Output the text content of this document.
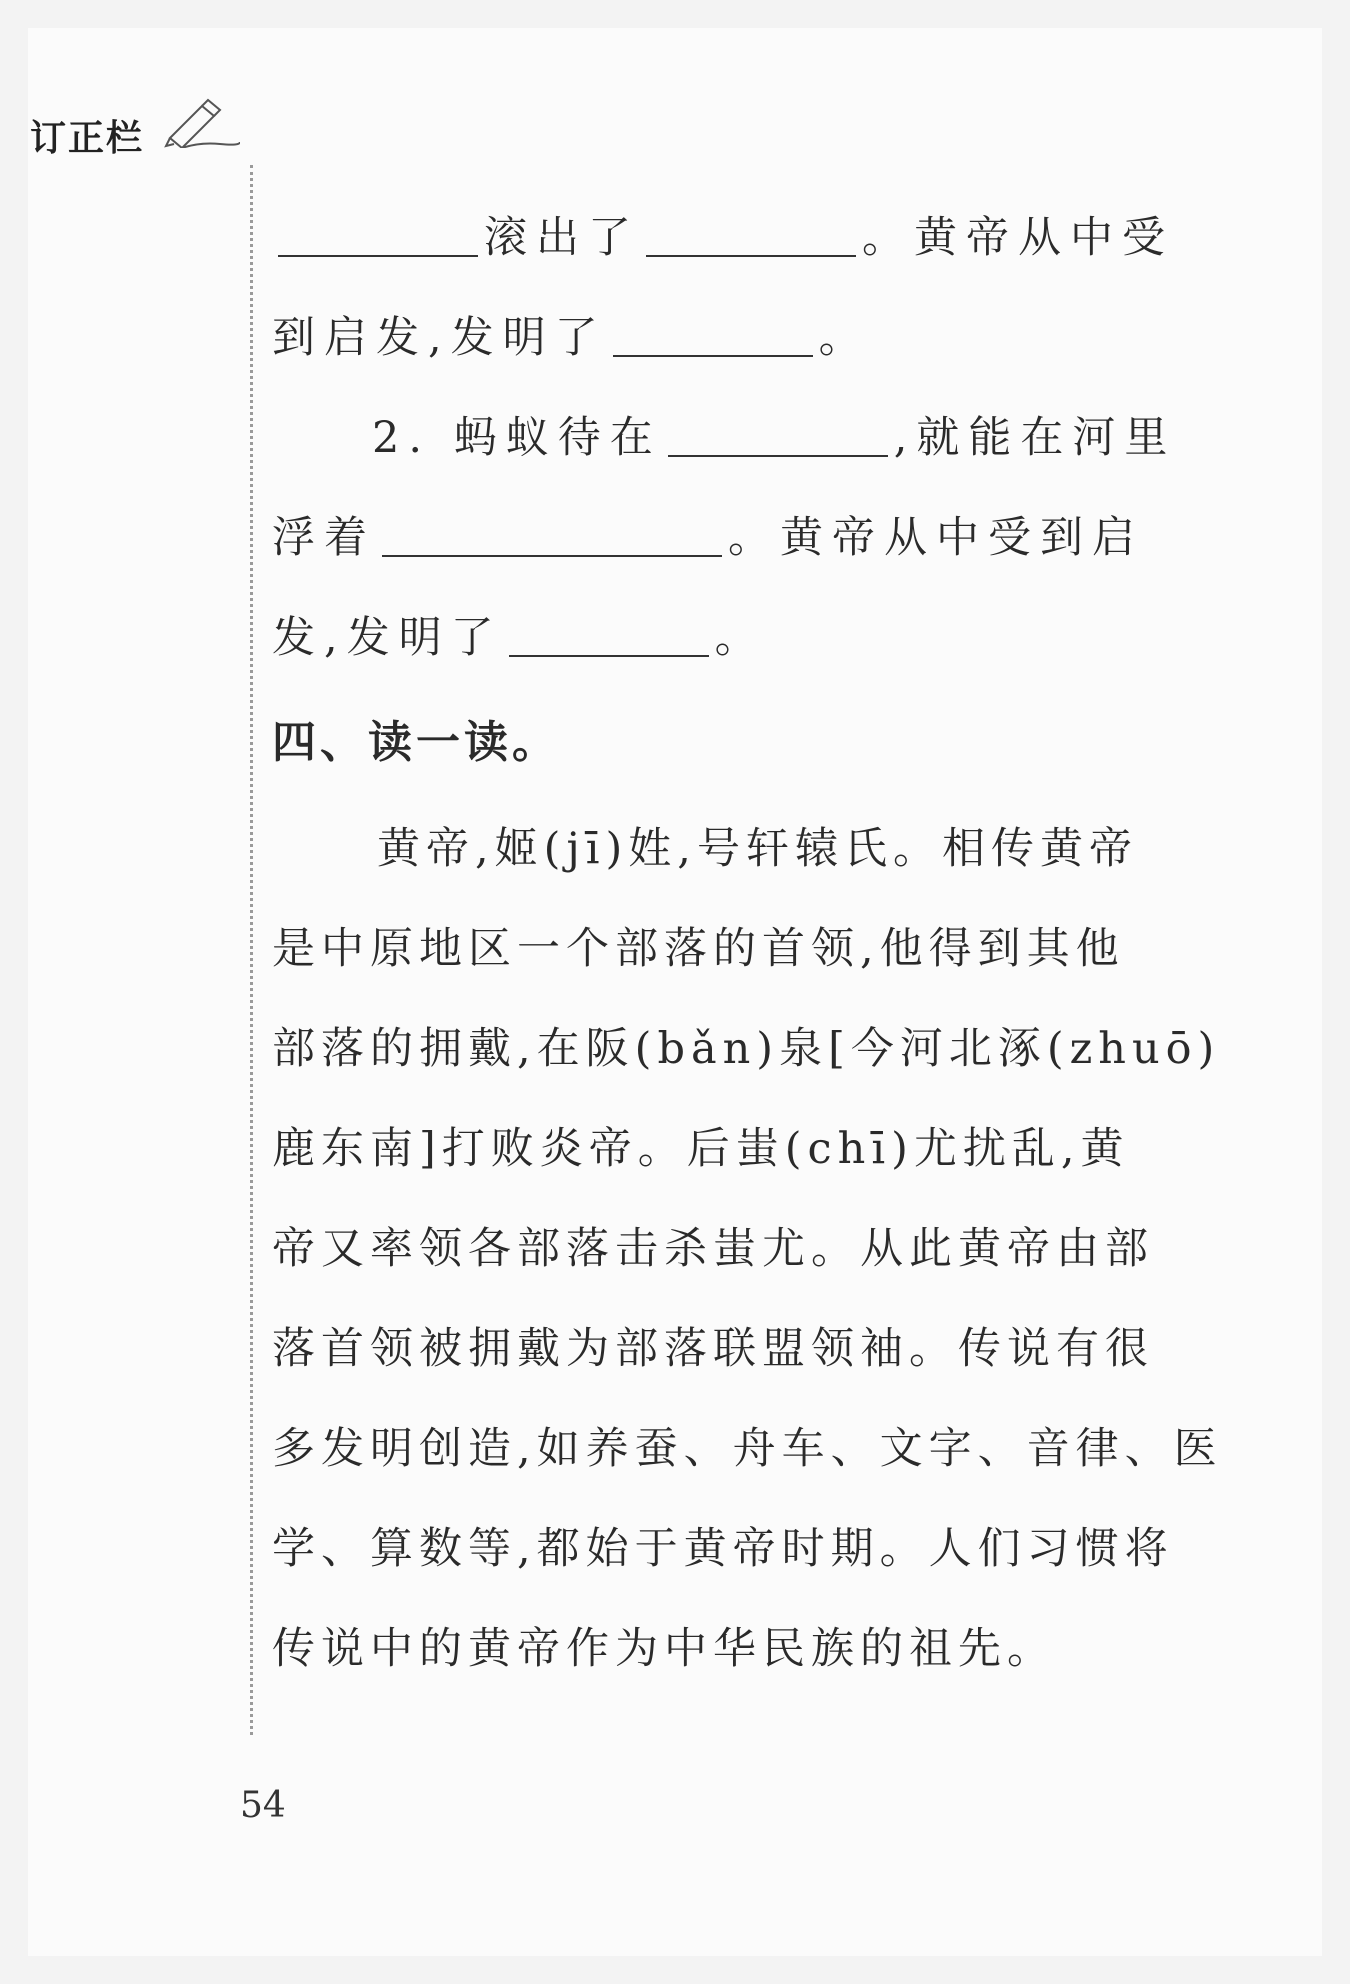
订正栏
滚出了	。黄帝从中受
到启发,发明了	。
2. 蚂蚁待在	,就能在河里
浮着	。黄帝从中受到启
发,发明了	。
四、读一读。
黄帝,姬(jī)姓,号轩辕氏。相传黄帝
是中原地区一个部落的首领,他得到其他
部落的拥戴,在阪(bǎn)泉[今河北涿(zhuō)
鹿东南]打败炎帝。后蚩(chī)尤扰乱,黄
帝又率领各部落击杀蚩尤。从此黄帝由部
落首领被拥戴为部落联盟领袖。传说有很
多发明创造,如养蚕、舟车、文字、音律、医
学、算数等,都始于黄帝时期。人们习惯将
传说中的黄帝作为中华民族的祖先。
54
